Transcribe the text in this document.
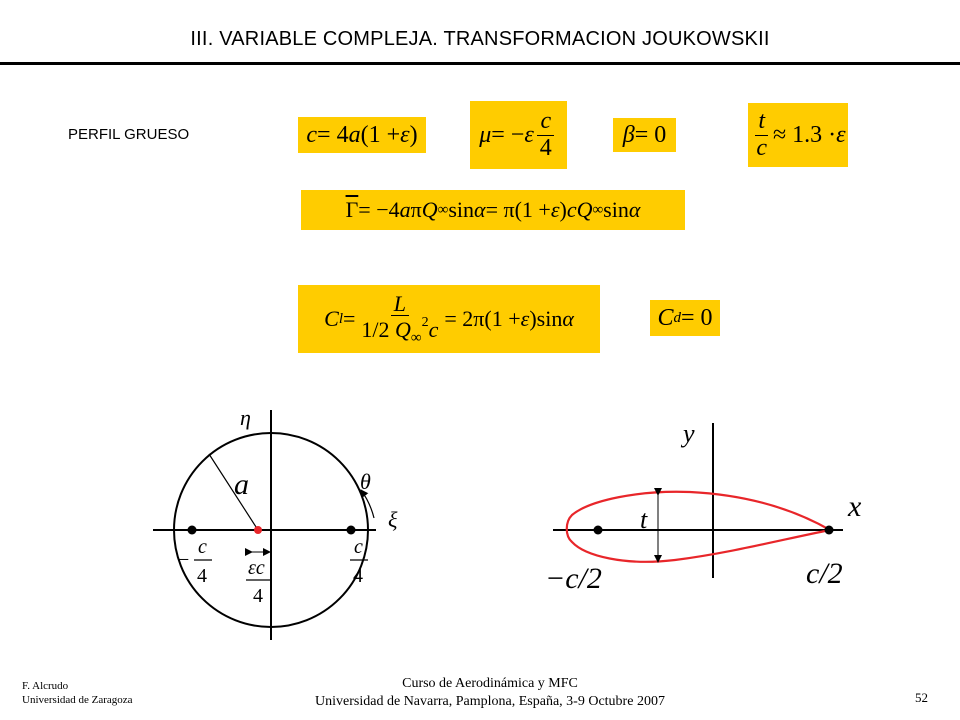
III. VARIABLE COMPLEJA. TRANSFORMACION JOUKOWSKII
PERFIL GRUESO	c = 4 a (1 + ε )	μ = − ε $\frac{c}{4}$	β = 0	$\frac{t}{c} \approx 1.3 \cdot \varepsilon$
$\overline{\Gamma} = -4$ a π Q ∞ sin α = π(1 + ε ) c Q ∞ sin α
C $l = \frac{L}{1/2 Q_\infty^2c} = 2\pi(1 + \varepsilon$ )sin α	C d = 0
η
ξ
θ
a
−
c
4
c
4
εc
4
y
x
t
−c/2	c/2
F. Alcrudo
Universidad de Zaragoza
Curso de Aerodinámica y MFC
Universidad de Navarra, Pamplona, España, 3-9 Octubre 2007	52
